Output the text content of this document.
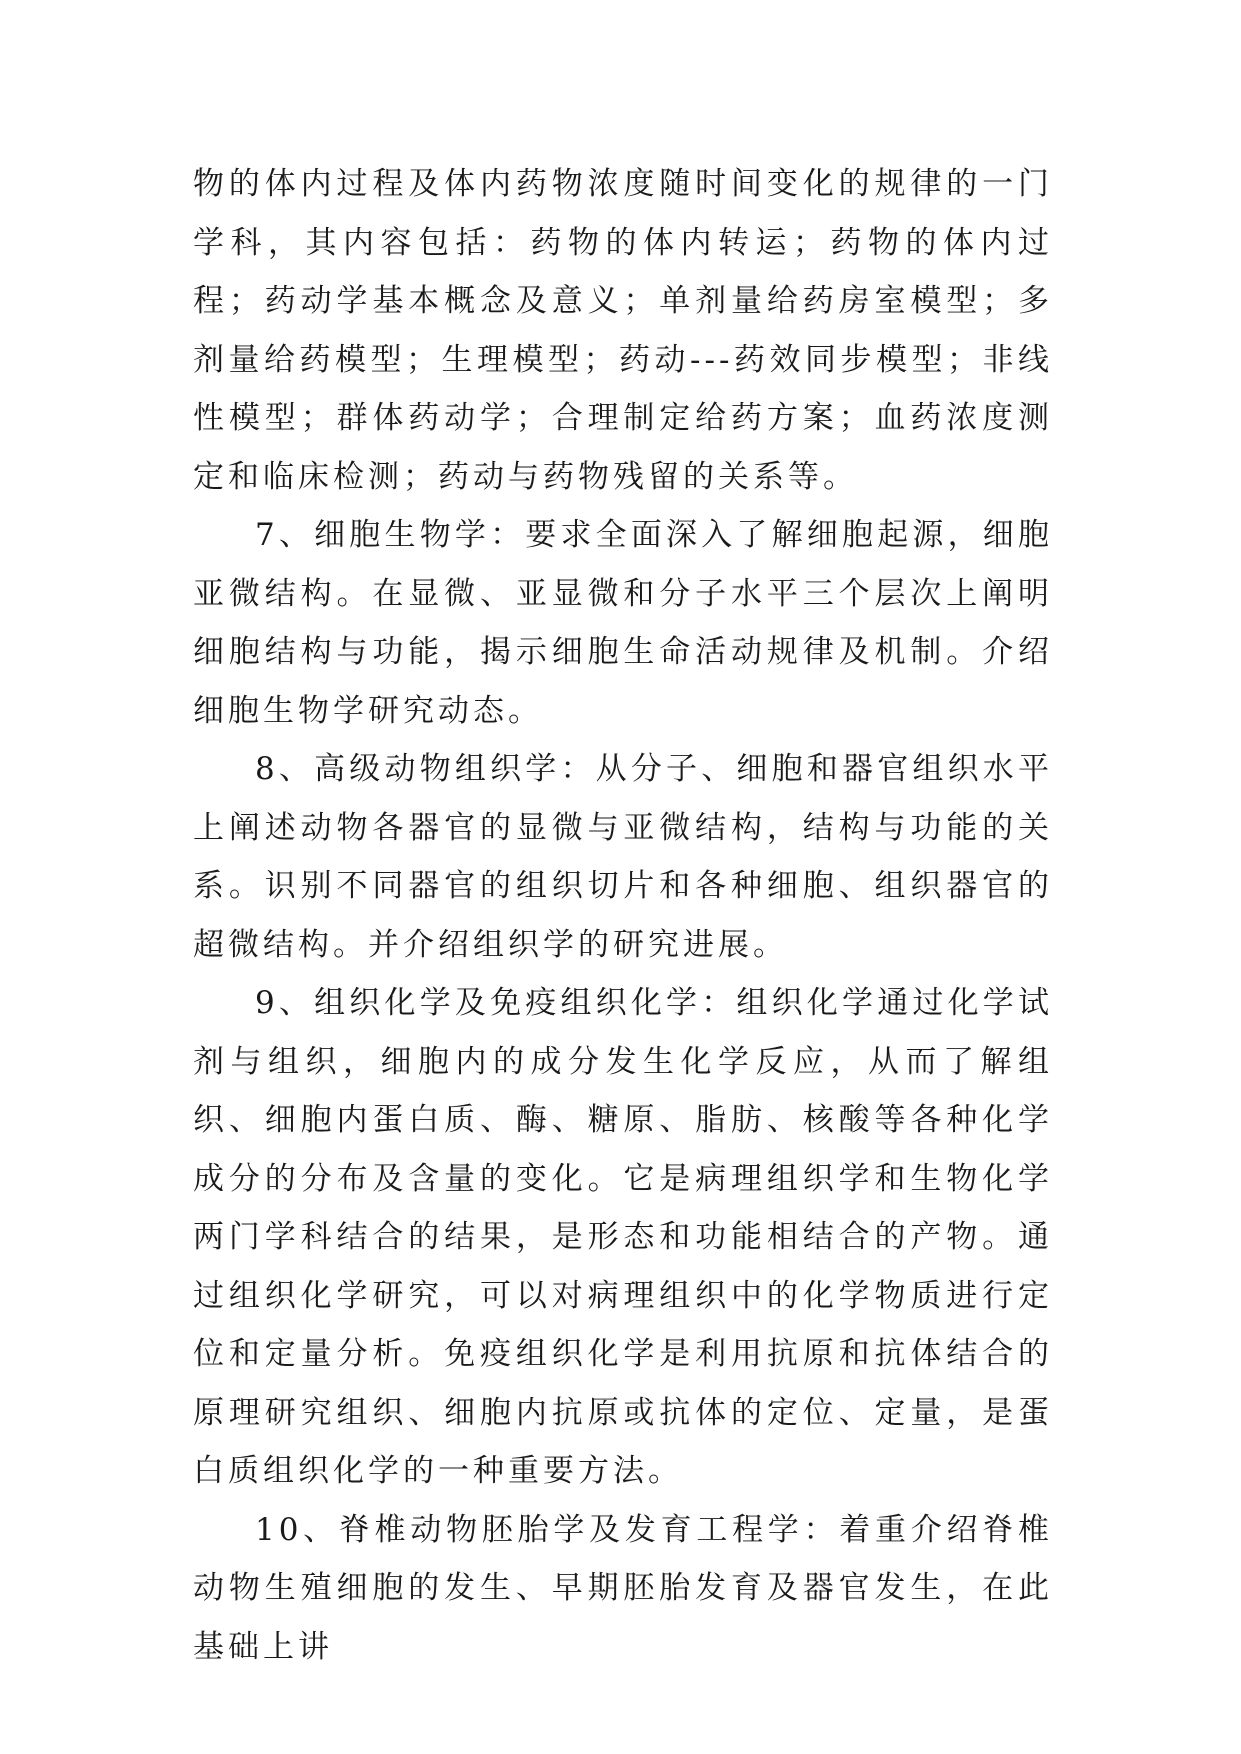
物的体内过程及体内药物浓度随时间变化的规律的一门学科，其内容包括：药物的体内转运；药物的体内过程；药动学基本概念及意义；单剂量给药房室模型；多剂量给药模型；生理模型；药动---药效同步模型；非线性模型；群体药动学；合理制定给药方案；血药浓度测定和临床检测；药动与药物残留的关系等。

7、细胞生物学：要求全面深入了解细胞起源，细胞亚微结构。在显微、亚显微和分子水平三个层次上阐明细胞结构与功能，揭示细胞生命活动规律及机制。介绍细胞生物学研究动态。

8、高级动物组织学：从分子、细胞和器官组织水平上阐述动物各器官的显微与亚微结构，结构与功能的关系。识别不同器官的组织切片和各种细胞、组织器官的超微结构。并介绍组织学的研究进展。

9、组织化学及免疫组织化学：组织化学通过化学试剂与组织，细胞内的成分发生化学反应，从而了解组织、细胞内蛋白质、酶、糖原、脂肪、核酸等各种化学成分的分布及含量的变化。它是病理组织学和生物化学两门学科结合的结果，是形态和功能相结合的产物。通过组织化学研究，可以对病理组织中的化学物质进行定位和定量分析。免疫组织化学是利用抗原和抗体结合的原理研究组织、细胞内抗原或抗体的定位、定量，是蛋白质组织化学的一种重要方法。

10、脊椎动物胚胎学及发育工程学：着重介绍脊椎动物生殖细胞的发生、早期胚胎发育及器官发生，在此基础上讲
